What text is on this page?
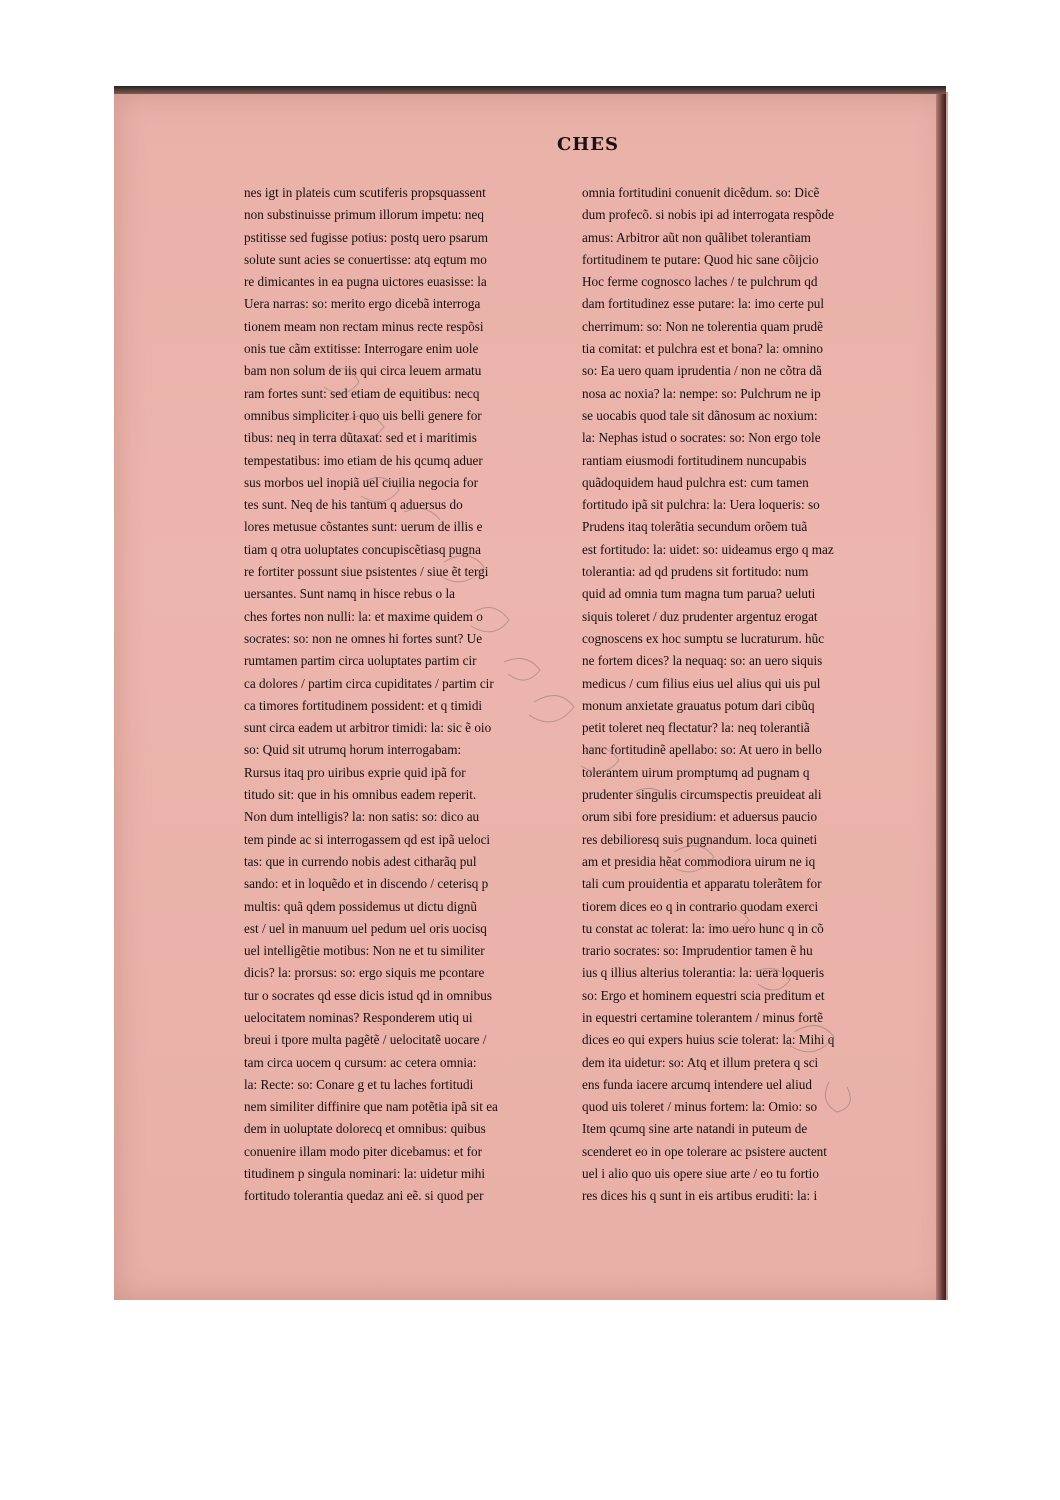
CHES
nes igt in plateis cum scutiferis propsquassent
non substinuisse primum illorum impetu: neq
pstitisse sed fugisse potius: postq uero psarum
solute sunt acies se conuertisse: atq eqtum mo
re dimicantes in ea pugna uictores euasisse: la
Uera narras: so: merito ergo dicebã interroga
tionem meam non rectam minus recte respõsi
onis tue cãm extitisse: Interrogare enim uole
bam non solum de iis qui circa leuem armatu
ram fortes sunt: sed etiam de equitibus: necq
omnibus simpliciter i quo uis belli genere for
tibus: neq in terra dũtaxat: sed et i maritimis
tempestatibus: imo etiam de his qcumq aduer
sus morbos uel inopiã uel ciuilia negocia for
tes sunt. Neq de his tantum q aduersus do
lores metusue cõstantes sunt: uerum de illis e
tiam q otra uoluptates concupiscẽtiasq pugna
re fortiter possunt siue psistentes / siue ẽt tergi
uersantes. Sunt namq in hisce rebus o la
ches fortes non nulli: la: et maxime quidem o
socrates: so: non ne omnes hi fortes sunt? Ue
rumtamen partim circa uoluptates partim cir
ca dolores / partim circa cupiditates / partim cir
ca timores fortitudinem possident: et q timidi
sunt circa eadem ut arbitror timidi: la: sic ẽ oio
so: Quid sit utrumq horum interrogabam:
Rursus itaq pro uiribus exprie quid ipã for
titudo sit: que in his omnibus eadem reperit.
Non dum intelligis? la: non satis: so: dico au
tem pinde ac si interrogassem qd est ipã ueloci
tas: que in currendo nobis adest citharãq pul
sando: et in loquẽdo et in discendo / ceterisq p
multis: quã qdem possidemus ut dictu dignũ
est / uel in manuum uel pedum uel oris uocisq
uel intelligẽtie motibus: Non ne et tu similiter
dicis? la: prorsus: so: ergo siquis me pcontare
tur o socrates qd esse dicis istud qd in omnibus
uelocitatem nominas? Responderem utiq ui
breui i tpore multa pagẽtẽ / uelocitatẽ uocare /
tam circa uocem q cursum: ac cetera omnia:
la: Recte: so: Conare g et tu laches fortitudi
nem similiter diffinire que nam potẽtia ipã sit ea
dem in uoluptate dolorecq et omnibus: quibus
conuenire illam modo piter dicebamus: et for
titudinem p singula nominari: la: uidetur mihi
fortitudo tolerantia quedaz ani eẽ. si quod per
omnia fortitudini conuenit dicẽdum. so: Dicẽ
dum profecõ. si nobis ipi ad interrogata respõde
amus: Arbitror aũt non quãlibet tolerantiam
fortitudinem te putare: Quod hic sane cõijcio
Hoc ferme cognosco laches / te pulchrum qd
dam fortitudinez esse putare: la: imo certe pul
cherrimum: so: Non ne tolerentia quam prudẽ
tia comitat: et pulchra est et bona? la: omnino
so: Ea uero quam iprudentia / non ne cõtra dã
nosa ac noxia? la: nempe: so: Pulchrum ne ip
se uocabis quod tale sit dãnosum ac noxium:
la: Nephas istud o socrates: so: Non ergo tole
rantiam eiusmodi fortitudinem nuncupabis
quãdoquidem haud pulchra est: cum tamen
fortitudo ipã sit pulchra: la: Uera loqueris: so
Prudens itaq tolerãtia secundum orõem tuã
est fortitudo: la: uidet: so: uideamus ergo q maz
tolerantia: ad qd prudens sit fortitudo: num
quid ad omnia tum magna tum parua? ueluti
siquis toleret / duz prudenter argentuz erogat
cognoscens ex hoc sumptu se lucraturum. hũc
ne fortem dices? la nequaq: so: an uero siquis
medicus / cum filius eius uel alius qui uis pul
monum anxietate grauatus potum dari cibũq
petit toleret neq flectatur? la: neq tolerantiã
hanc fortitudinẽ apellabo: so: At uero in bello
tolerantem uirum promptumq ad pugnam q
prudenter singulis circumspectis preuideat ali
orum sibi fore presidium: et aduersus paucio
res debilioresq suis pugnandum. loca quineti
am et presidia hẽat commodiora uirum ne iq
tali cum prouidentia et apparatu tolerãtem for
tiorem dices eo q in contrario quodam exerci
tu constat ac tolerat: la: imo uero hunc q in cõ
trario socrates: so: Imprudentior tamen ẽ hu
ius q illius alterius tolerantia: la: uera loqueris
so: Ergo et hominem equestri scia preditum et
in equestri certamine tolerantem / minus fortẽ
dices eo qui expers huius scie tolerat: la: Mihi q
dem ita uidetur: so: Atq et illum pretera q sci
ens funda iacere arcumq intendere uel aliud
quod uis toleret / minus fortem: la: Omio: so
Item qcumq sine arte natandi in puteum de
scenderet eo in ope tolerare ac psistere auctent
uel i alio quo uis opere siue arte / eo tu fortio
res dices his q sunt in eis artibus eruditi: la: i
